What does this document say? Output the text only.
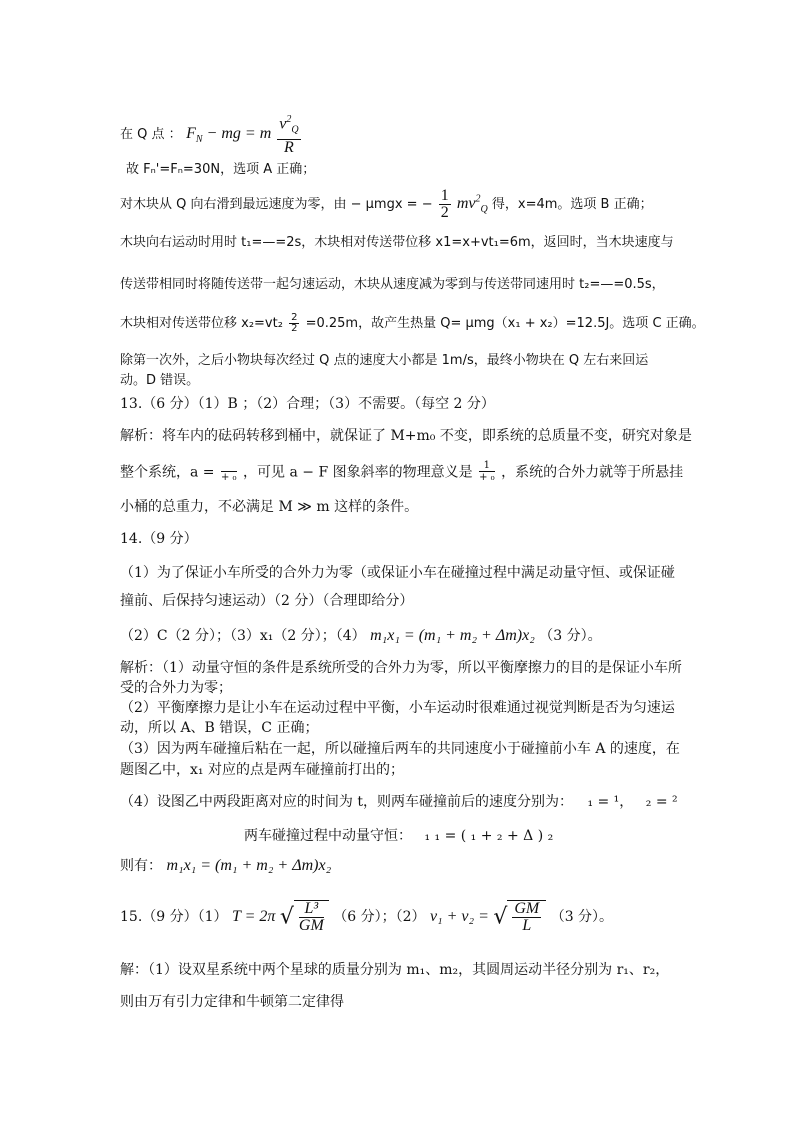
在 Q 点 ： $F_N$ − mg = m $\frac{v^2_Q}{R}$
故 Fₙ'=Fₙ=30N，选项 A 正确；
对木块从 Q 向右滑到最远速度为零，由 − μmgx = − $\frac{1}{2} mv^2_Q$ 得，x=4m。选项 B 正确；
木块向右运动时用时 t₁=—=2s，木块相对传送带位移 x1=x+vt₁=6m，返回时，当木块速度与
传送带相同时将随传送带一起匀速运动，木块从速度减为零到与传送带同速用时 t₂=—=0.5s，
木块相对传送带位移 $x_2=vt_2 \frac{2}{2} =0.25m$，故产生热量 Q= μmg（x₁ + x₂）=12.5J。选项 C 正确。
除第一次外，之后小物块每次经过 Q 点的速度大小都是 1m/s，最终小物块在 Q 左右来回运
动。D 错误。
13.（6 分）（1）B ；（2）合理；（3）不需要。（每空 2 分）
解析：将车内的砝码转移到桶中，就保证了 M+m₀ 不变，即系统的总质量不变，研究对象是
整个系统，a = + ₀ ，可见 a − F 图象斜率的物理意义是 $\frac{1}{\text{+ ₀}}$ ，系统的合外力就等于所悬挂
小桶的总重力，不必满足 M ≫ m 这样的条件。
14.（9 分）
（1）为了保证小车所受的合外力为零（或保证小车在碰撞过程中满足动量守恒、或保证碰
撞前、后保持匀速运动）（2 分）（合理即给分）
（2）C（2 分）；（3）x₁（2 分）；（4） m₁x₁ = (m₁ + m₂ + Δm)x₂ （3 分）。
解析：（1）动量守恒的条件是系统所受的合外力为零，所以平衡摩擦力的目的是保证小车所
受的合外力为零；
（2）平衡摩擦力是让小车在运动过程中平衡，小车运动时很难通过视觉判断是否为匀速运
动，所以 A、B 错误，C 正确；
（3）因为两车碰撞后粘在一起，所以碰撞后两车的共同速度小于碰撞前小车 A 的速度，在
题图乙中，x₁ 对应的点是两车碰撞前打出的；
（4）设图乙中两段距离对应的时间为 t，则两车碰撞前后的速度分别为： ₁ = ¹， ₂ = ²
两车碰撞过程中动量守恒： ₁ ₁ = ( ₁ + ₂ + Δ ) ₂
则有： m₁x₁ = (m₁ + m₂ + Δm)x₂
15.（9 分）（1） T = 2π √ $\frac{\text{L³}}{GM} (6$ 分）；（2） v₁ + v₂ = √ $\frac{GM}{L} (3$ 分）。
解：（1）设双星系统中两个星球的质量分别为 m₁、m₂，其圆周运动半径分别为 r₁、r₂，
则由万有引力定律和牛顿第二定律得
